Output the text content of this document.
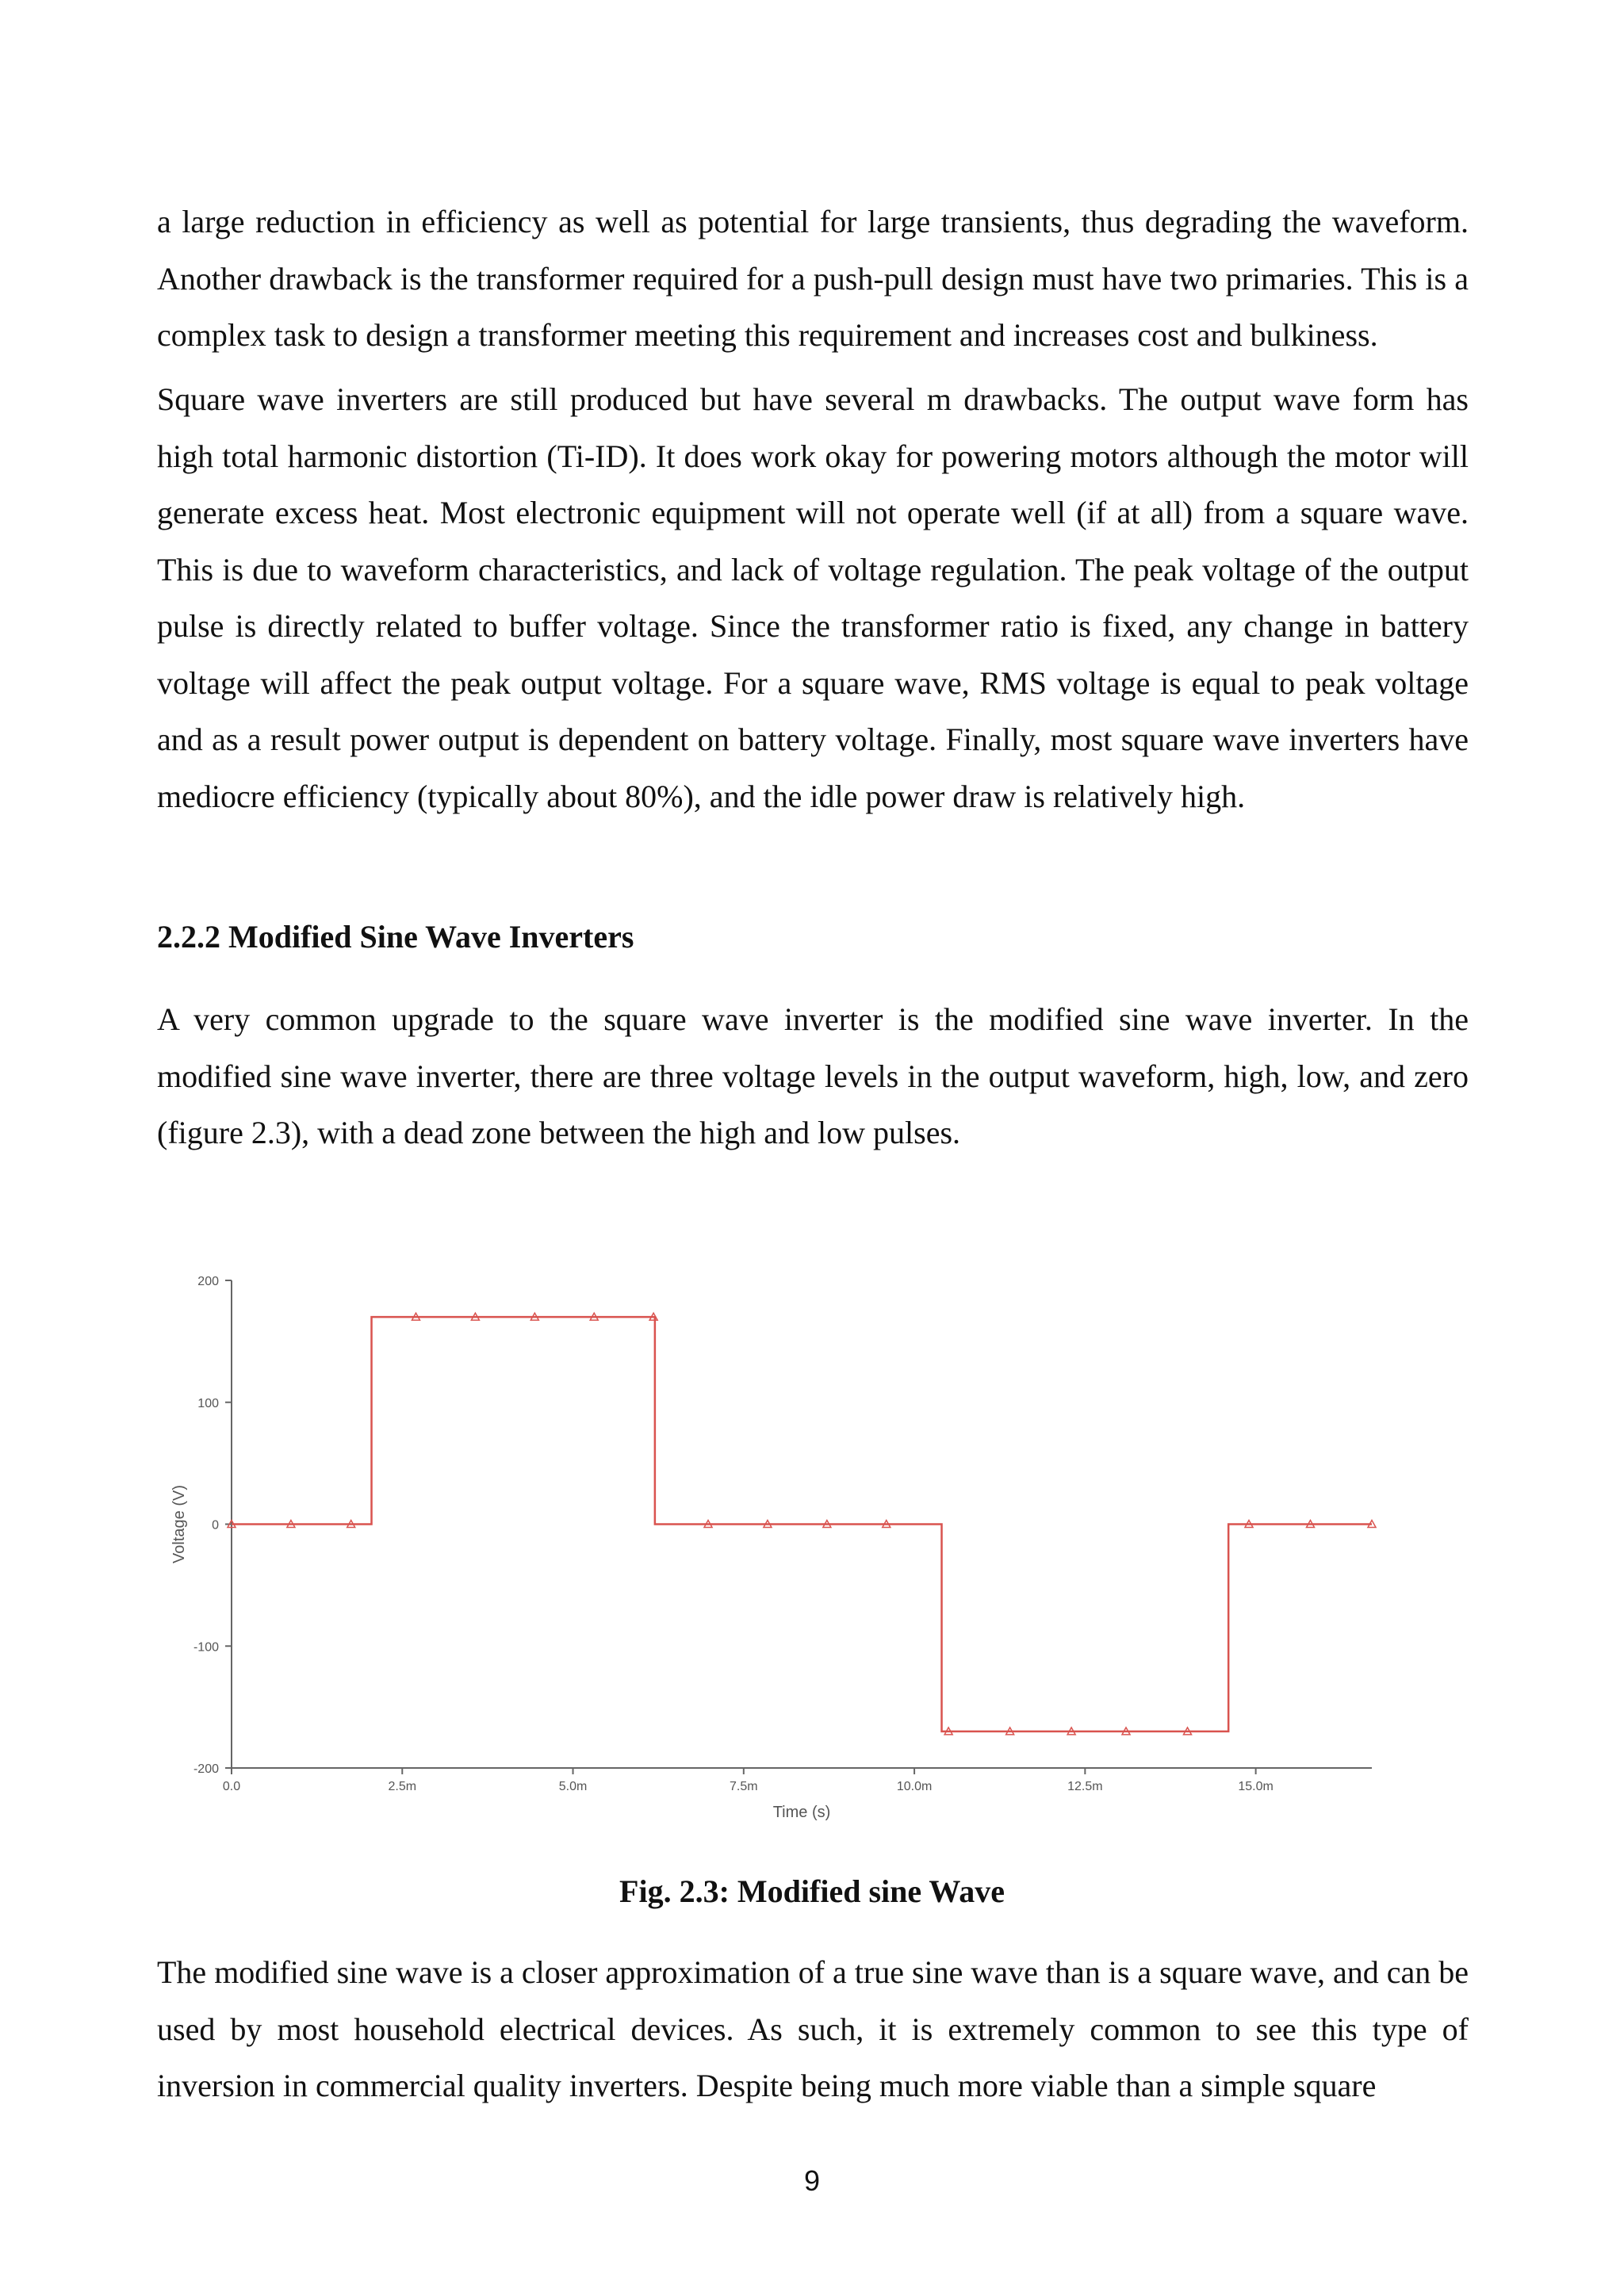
a large reduction in efficiency as well as potential for large transients, thus degrading the waveform. Another drawback is the transformer required for a push-pull design must have two primaries. This is a complex task to design a transformer meeting this requirement and increases cost and bulkiness.

Square wave inverters are still produced but have several m drawbacks. The output wave form has high total harmonic distortion (Ti-ID). It does work okay for powering motors although the motor will generate excess heat. Most electronic equipment will not operate well (if at all) from a square wave. This is due to waveform characteristics, and lack of voltage regulation. The peak voltage of the output pulse is directly related to buffer voltage. Since the transformer ratio is fixed, any change in battery voltage will affect the peak output voltage. For a square wave, RMS voltage is equal to peak voltage and as a result power output is dependent on battery voltage. Finally, most square wave inverters have mediocre efficiency (typically about 80%), and the idle power draw is relatively high.

2.2.2 Modified Sine Wave Inverters

A very common upgrade to the square wave inverter is the modified sine wave inverter. In the modified sine wave inverter, there are three voltage levels in the output waveform, high, low, and zero (figure 2.3), with a dead zone between the high and low pulses.

200
100
0
-100
-200
0.0	2.5m	5.0m	7.5m	10.0m	12.5m	15.0m
Time (s)
Voltage (V)

Fig. 2.3: Modified sine Wave

The modified sine wave is a closer approximation of a true sine wave than is a square wave, and can be used by most household electrical devices. As such, it is extremely common to see this type of inversion in commercial quality inverters. Despite being much more viable than a simple square

9
